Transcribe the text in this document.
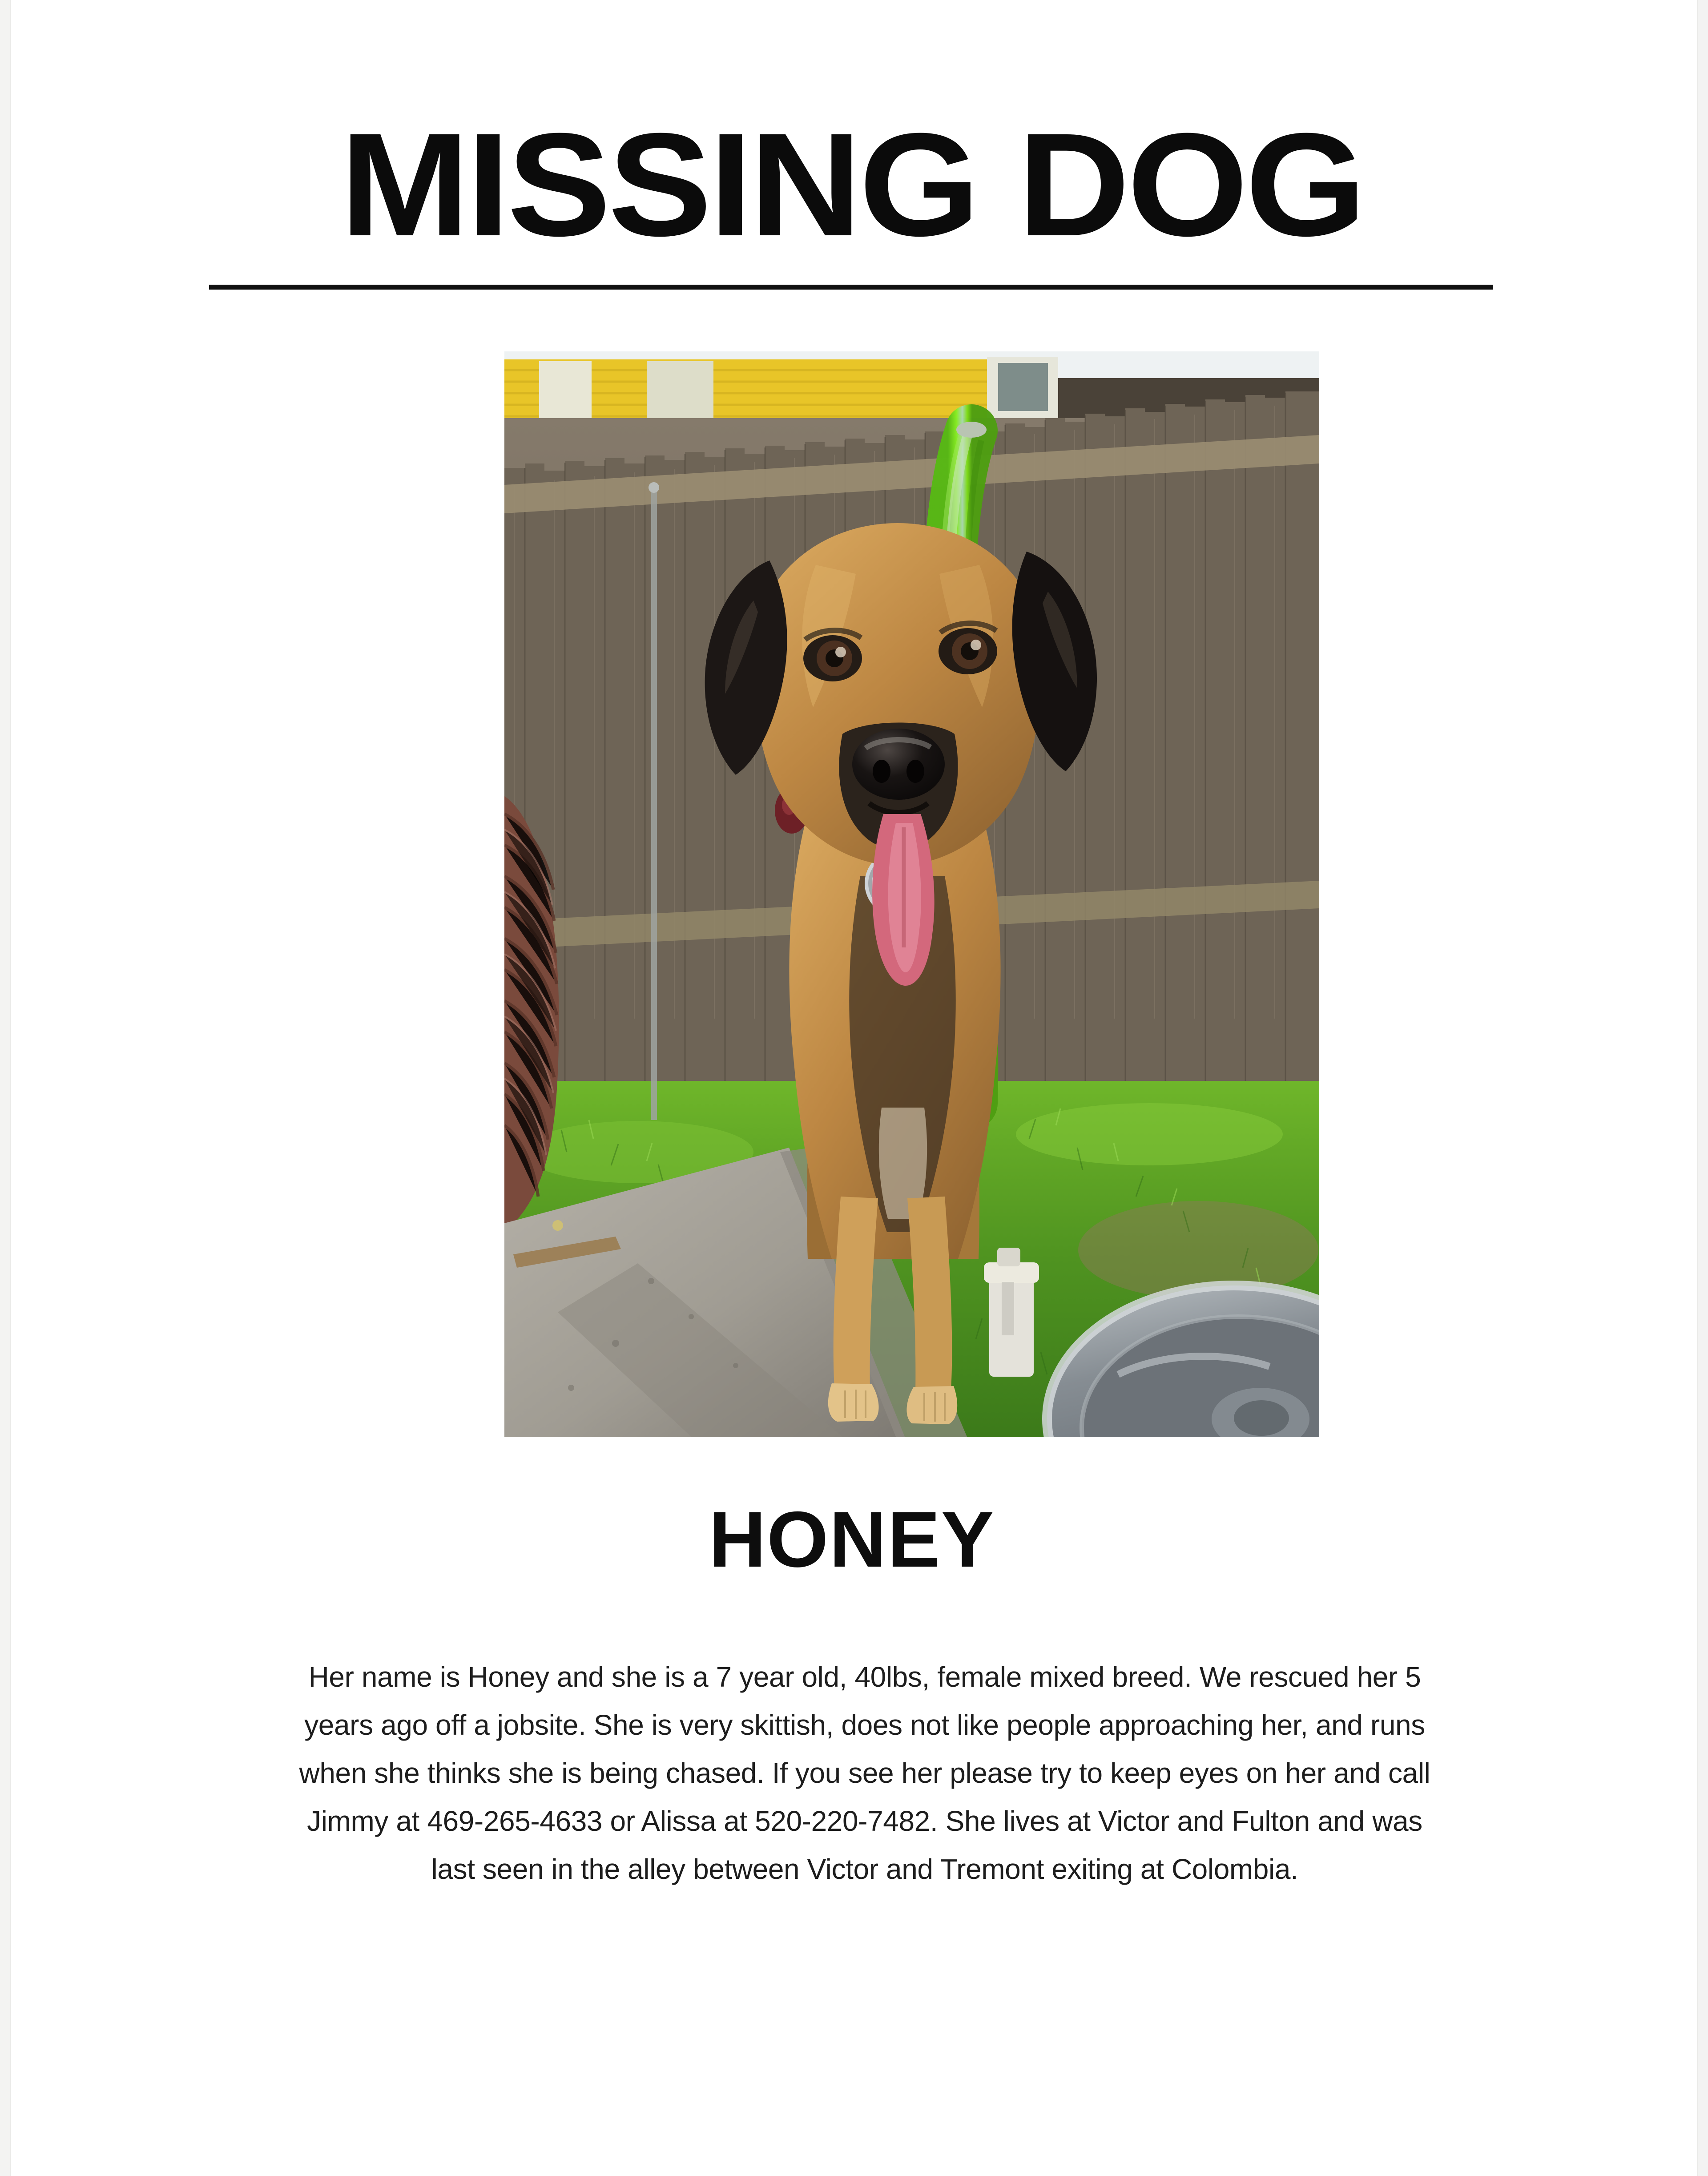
MISSING DOG
HONEY
Her name is Honey and she is a 7 year old, 40lbs, female mixed breed. We rescued her 5
years ago off a jobsite. She is very skittish, does not like people approaching her, and runs
when she thinks she is being chased. If you see her please try to keep eyes on her and call
Jimmy at 469-265-4633 or Alissa at 520-220-7482. She lives at Victor and Fulton and was
last seen in the alley between Victor and Tremont exiting at Colombia.
